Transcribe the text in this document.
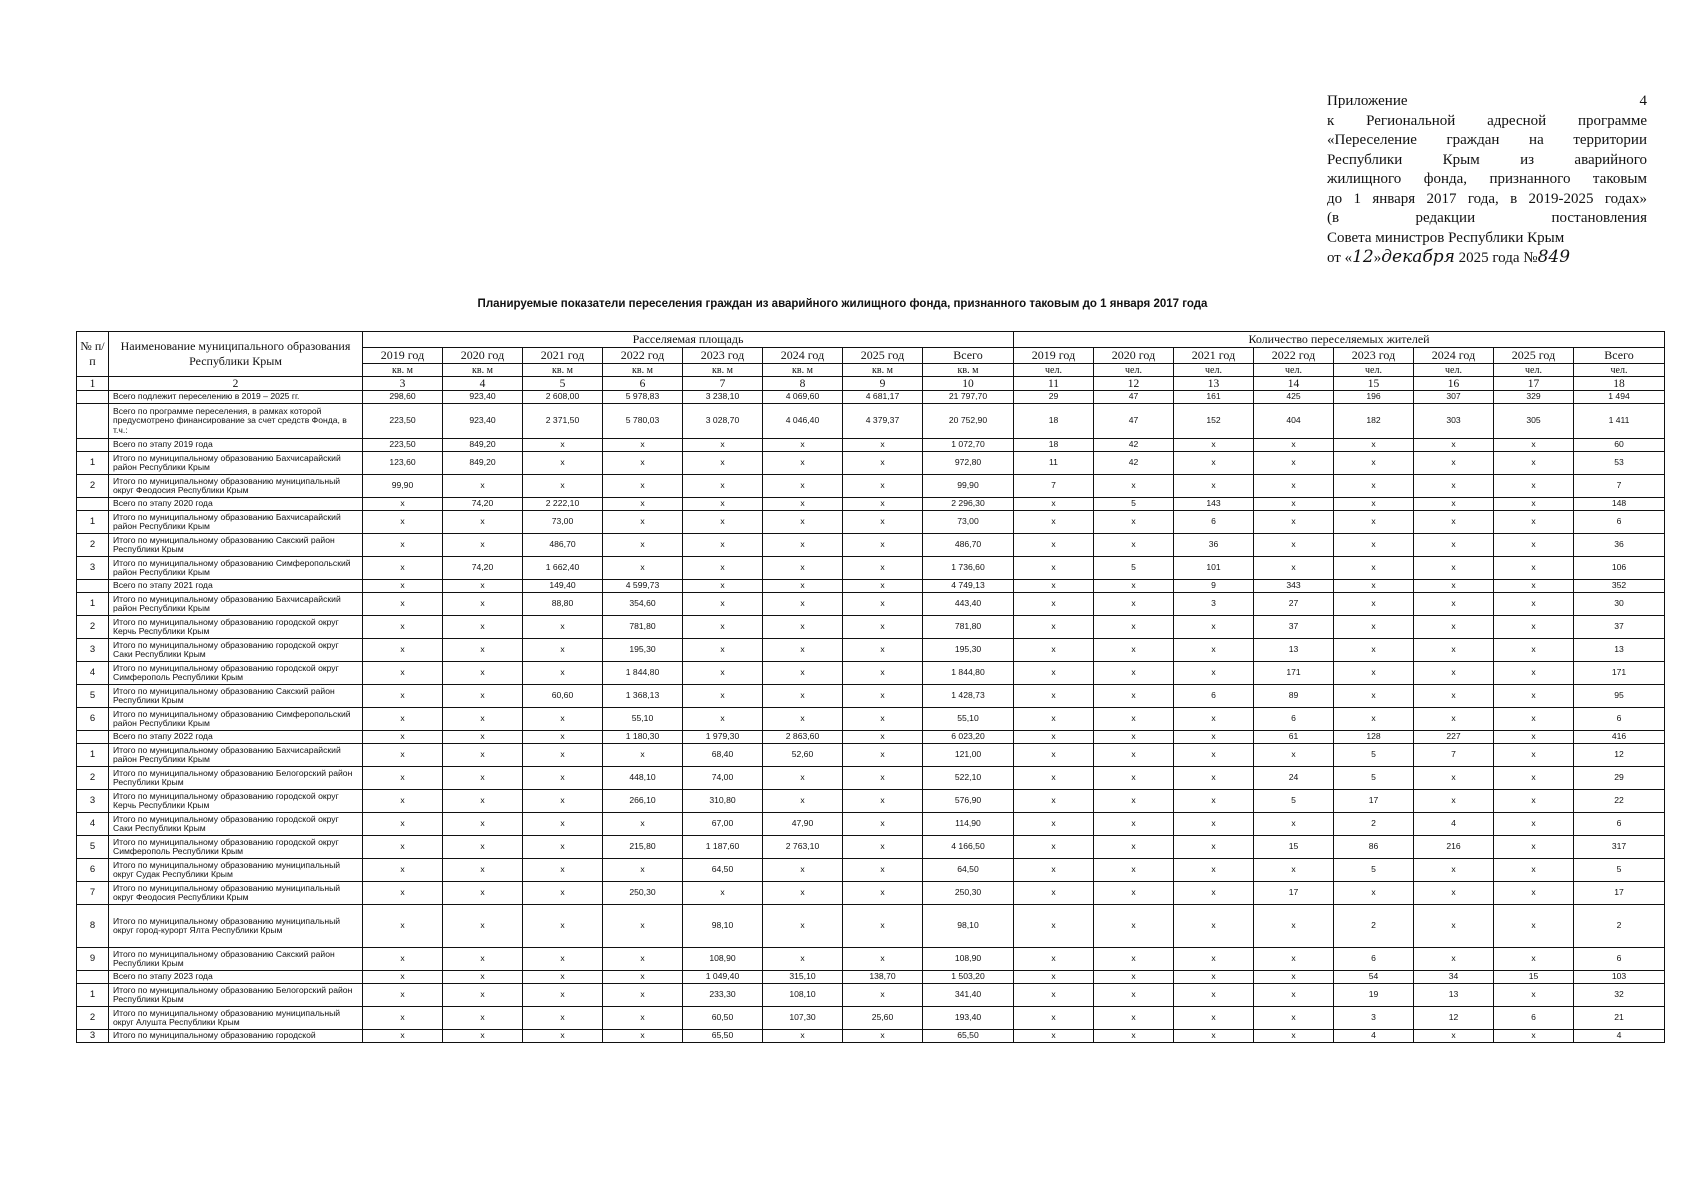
Приложение 4
к Региональной адресной программе
«Переселение граждан на территории
Республики Крым из аварийного
жилищного фонда, признанного таковым
до 1 января 2017 года, в 2019-2025 годах»
(в редакции постановления
Совета министров Республики Крым
от «12»декабря 2025 года №849
Планируемые показатели переселения граждан из аварийного жилищного фонда, признанного таковым до 1 января 2017 года
№ п/п	Наименование муниципального образования Республики Крым	Расселяемая площадь								Количество переселяемых жителей							
		2019 год	2020 год	2021 год	2022 год	2023 год	2024 год	2025 год	Всего	2019 год	2020 год	2021 год	2022 год	2023 год	2024 год	2025 год	Всего
		кв. м	кв. м	кв. м	кв. м	кв. м	кв. м	кв. м	кв. м	чел.	чел.	чел.	чел.	чел.	чел.	чел.	чел.
1	2	3	4	5	6	7	8	9	10	11	12	13	14	15	16	17	18
	Всего подлежит переселению в 2019 – 2025 гг.	298,60	923,40	2 608,00	5 978,83	3 238,10	4 069,60	4 681,17	21 797,70	29	47	161	425	196	307	329	1 494
	Всего по программе переселения, в рамках которой предусмотрено финансирование за счет средств Фонда, в т.ч.:	223,50	923,40	2 371,50	5 780,03	3 028,70	4 046,40	4 379,37	20 752,90	18	47	152	404	182	303	305	1 411
	Всего по этапу 2019 года	223,50	849,20	x	x	x	x	x	1 072,70	18	42	x	x	x	x	x	60
1	Итого по муниципальному образованию Бахчисарайский район Республики Крым	123,60	849,20	x	x	x	x	x	972,80	11	42	x	x	x	x	x	53
2	Итого по муниципальному образованию муниципальный округ Феодосия Республики Крым	99,90	x	x	x	x	x	x	99,90	7	x	x	x	x	x	x	7
	Всего по этапу 2020 года	x	74,20	2 222,10	x	x	x	x	2 296,30	x	5	143	x	x	x	x	148
1	Итого по муниципальному образованию Бахчисарайский район Республики Крым	x	x	73,00	x	x	x	x	73,00	x	x	6	x	x	x	x	6
2	Итого по муниципальному образованию Сакский район Республики Крым	x	x	486,70	x	x	x	x	486,70	x	x	36	x	x	x	x	36
3	Итого по муниципальному образованию Симферопольский район Республики Крым	x	74,20	1 662,40	x	x	x	x	1 736,60	x	5	101	x	x	x	x	106
	Всего по этапу 2021 года	x	x	149,40	4 599,73	x	x	x	4 749,13	x	x	9	343	x	x	x	352
1	Итого по муниципальному образованию Бахчисарайский район Республики Крым	x	x	88,80	354,60	x	x	x	443,40	x	x	3	27	x	x	x	30
2	Итого по муниципальному образованию городской округ Керчь Республики Крым	x	x	x	781,80	x	x	x	781,80	x	x	x	37	x	x	x	37
3	Итого по муниципальному образованию городской округ Саки Республики Крым	x	x	x	195,30	x	x	x	195,30	x	x	x	13	x	x	x	13
4	Итого по муниципальному образованию городской округ Симферополь Республики Крым	x	x	x	1 844,80	x	x	x	1 844,80	x	x	x	171	x	x	x	171
5	Итого по муниципальному образованию Сакский район Республики Крым	x	x	60,60	1 368,13	x	x	x	1 428,73	x	x	6	89	x	x	x	95
6	Итого по муниципальному образованию Симферопольский район Республики Крым	x	x	x	55,10	x	x	x	55,10	x	x	x	6	x	x	x	6
	Всего по этапу 2022 года	x	x	x	1 180,30	1 979,30	2 863,60	x	6 023,20	x	x	x	61	128	227	x	416
1	Итого по муниципальному образованию Бахчисарайский район Республики Крым	x	x	x	x	68,40	52,60	x	121,00	x	x	x	x	5	7	x	12
2	Итого по муниципальному образованию Белогорский район Республики Крым	x	x	x	448,10	74,00	x	x	522,10	x	x	x	24	5	x	x	29
3	Итого по муниципальному образованию городской округ Керчь Республики Крым	x	x	x	266,10	310,80	x	x	576,90	x	x	x	5	17	x	x	22
4	Итого по муниципальному образованию городской округ Саки Республики Крым	x	x	x	x	67,00	47,90	x	114,90	x	x	x	x	2	4	x	6
5	Итого по муниципальному образованию городской округ Симферополь Республики Крым	x	x	x	215,80	1 187,60	2 763,10	x	4 166,50	x	x	x	15	86	216	x	317
6	Итого по муниципальному образованию муниципальный округ Судак Республики Крым	x	x	x	x	64,50	x	x	64,50	x	x	x	x	5	x	x	5
7	Итого по муниципальному образованию муниципальный округ Феодосия Республики Крым	x	x	x	250,30	x	x	x	250,30	x	x	x	17	x	x	x	17
8	Итого по муниципальному образованию муниципальный округ город-курорт Ялта Республики Крым	x	x	x	x	98,10	x	x	98,10	x	x	x	x	2	x	x	2
9	Итого по муниципальному образованию Сакский район Республики Крым	x	x	x	x	108,90	x	x	108,90	x	x	x	x	6	x	x	6
	Всего по этапу 2023 года	x	x	x	x	1 049,40	315,10	138,70	1 503,20	x	x	x	x	54	34	15	103
1	Итого по муниципальному образованию Белогорский район Республики Крым	x	x	x	x	233,30	108,10	x	341,40	x	x	x	x	19	13	x	32
2	Итого по муниципальному образованию муниципальный округ Алушта Республики Крым	x	x	x	x	60,50	107,30	25,60	193,40	x	x	x	x	3	12	6	21
3	Итого по муниципальному образованию городской	x	x	x	x	65,50	x	x	65,50	x	x	x	x	4	x	x	4
